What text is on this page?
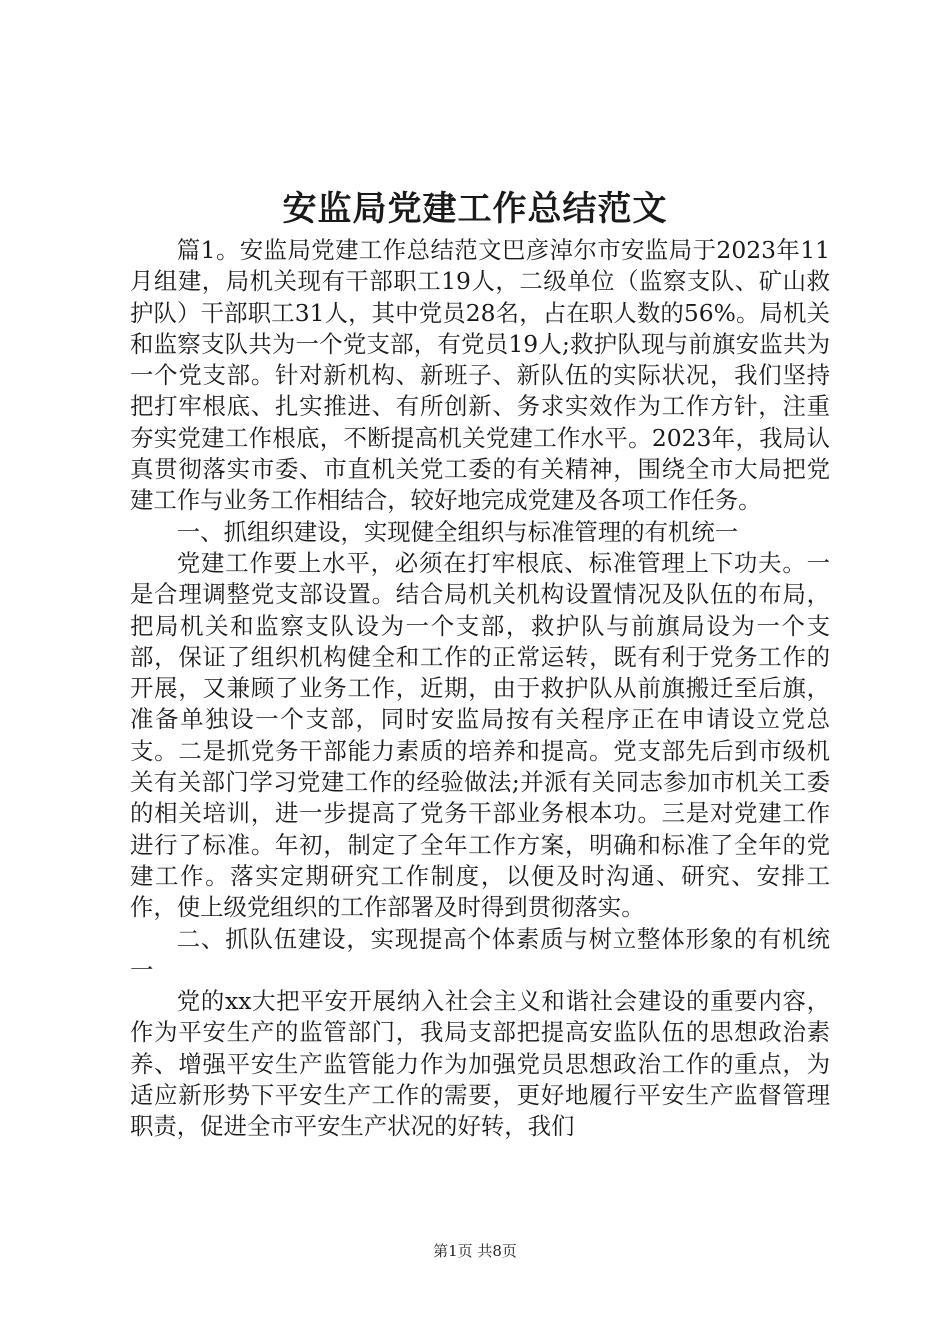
安监局党建工作总结范文

篇1。安监局党建工作总结范文巴彦淖尔市安监局于2023年11月组建，局机关现有干部职工19人，二级单位（监察支队、矿山救护队）干部职工31人，其中党员28名，占在职人数的56%。局机关和监察支队共为一个党支部，有党员19人;救护队现与前旗安监共为一个党支部。针对新机构、新班子、新队伍的实际状况，我们坚持把打牢根底、扎实推进、有所创新、务求实效作为工作方针，注重夯实党建工作根底，不断提高机关党建工作水平。2023年，我局认真贯彻落实市委、市直机关党工委的有关精神，围绕全市大局把党建工作与业务工作相结合，较好地完成党建及各项工作任务。

一、抓组织建设，实现健全组织与标准管理的有机统一

党建工作要上水平，必须在打牢根底、标准管理上下功夫。一是合理调整党支部设置。结合局机关机构设置情况及队伍的布局，把局机关和监察支队设为一个支部，救护队与前旗局设为一个支部，保证了组织机构健全和工作的正常运转，既有利于党务工作的开展，又兼顾了业务工作，近期，由于救护队从前旗搬迁至后旗，准备单独设一个支部，同时安监局按有关程序正在申请设立党总支。二是抓党务干部能力素质的培养和提高。党支部先后到市级机关有关部门学习党建工作的经验做法;并派有关同志参加市机关工委的相关培训，进一步提高了党务干部业务根本功。三是对党建工作进行了标准。年初，制定了全年工作方案，明确和标准了全年的党建工作。落实定期研究工作制度，以便及时沟通、研究、安排工作，使上级党组织的工作部署及时得到贯彻落实。

二、抓队伍建设，实现提高个体素质与树立整体形象的有机统一

党的xx大把平安开展纳入社会主义和谐社会建设的重要内容，作为平安生产的监管部门，我局支部把提高安监队伍的思想政治素养、增强平安生产监管能力作为加强党员思想政治工作的重点，为适应新形势下平安生产工作的需要，更好地履行平安生产监督管理职责，促进全市平安生产状况的好转，我们

第1页 共8页
